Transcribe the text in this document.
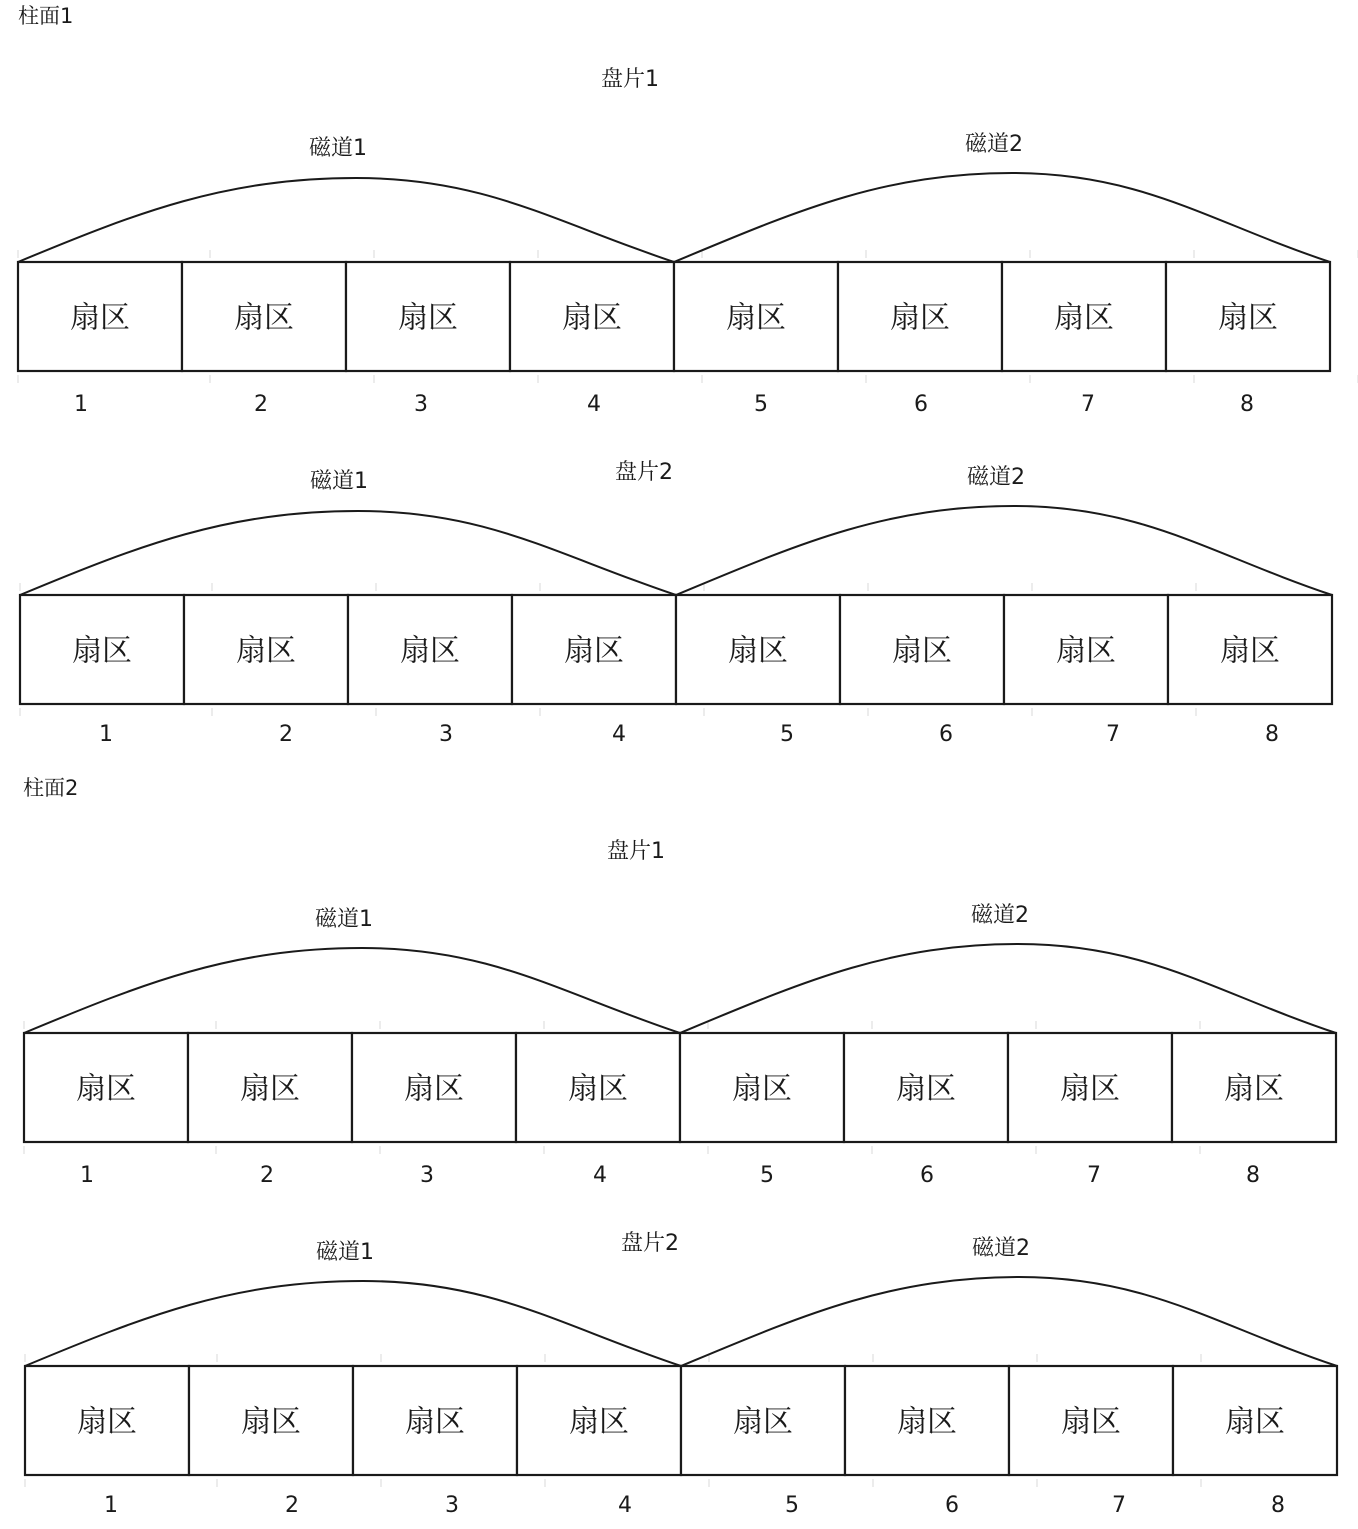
柱面1
盘片1
磁道1	磁道2
扇区
1
扇区
2
扇区
3
扇区
4
扇区
5
扇区
6
扇区
7
扇区
8
盘片2
磁道1	磁道2
扇区
1
扇区
2
扇区
3
扇区
4
扇区
5
扇区
6
扇区
7
扇区
8
柱面2
盘片1
磁道1	磁道2
扇区
1
扇区
2
扇区
3
扇区
4
扇区
5
扇区
6
扇区
7
扇区
8
盘片2
磁道1	磁道2
扇区
1
扇区
2
扇区
3
扇区
4
扇区
5
扇区
6
扇区
7
扇区
8
